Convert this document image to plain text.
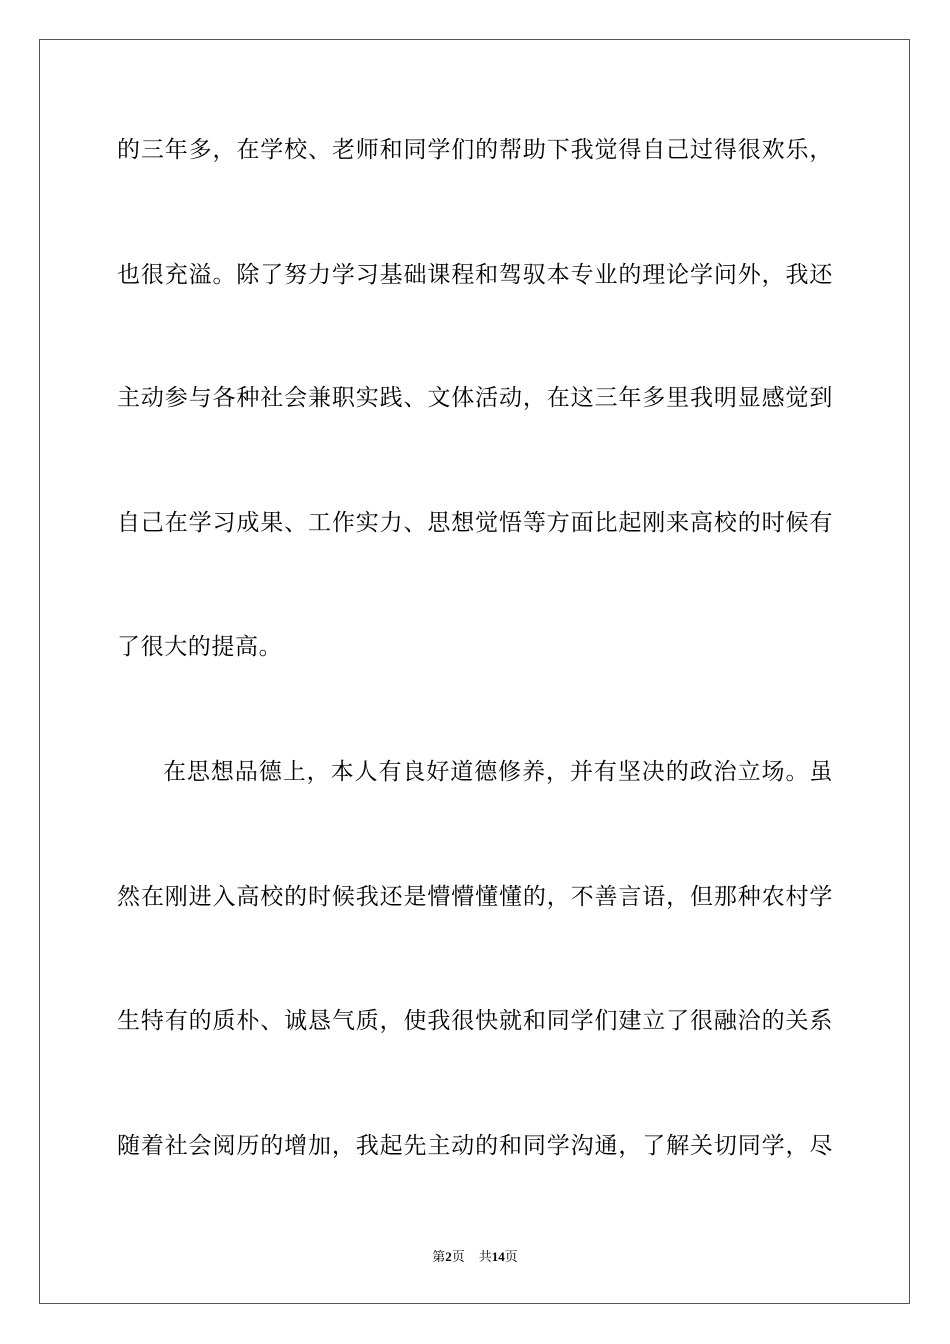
的三年多，在学校、老师和同学们的帮助下我觉得自己过得很欢乐，
也很充溢。除了努力学习基础课程和驾驭本专业的理论学问外，我还
主动参与各种社会兼职实践、文体活动，在这三年多里我明显感觉到
自己在学习成果、工作实力、思想觉悟等方面比起刚来高校的时候有
了很大的提高。
在思想品德上，本人有良好道德修养，并有坚决的政治立场。虽
然在刚进入高校的时候我还是懵懵懂懂的，不善言语，但那种农村学
生特有的质朴、诚恳气质，使我很快就和同学们建立了很融洽的关系
随着社会阅历的增加，我起先主动的和同学沟通，了解关切同学，尽
第2页 共14页
